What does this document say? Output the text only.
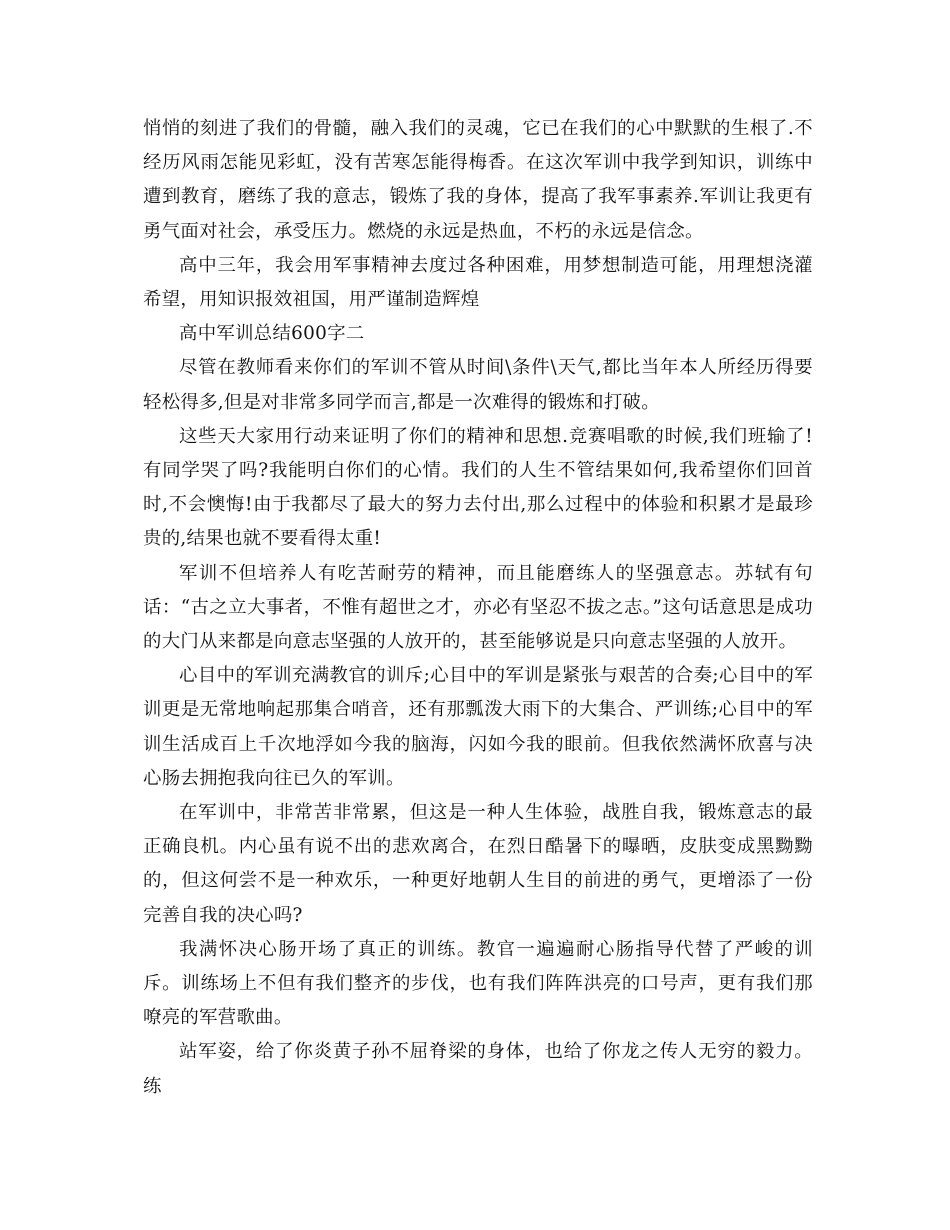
悄悄的刻进了我们的骨髓，融入我们的灵魂，它已在我们的心中默默的生根了.不经历风雨怎能见彩虹，没有苦寒怎能得梅香。在这次军训中我学到知识，训练中遭到教育，磨练了我的意志，锻炼了我的身体，提高了我军事素养.军训让我更有勇气面对社会，承受压力。燃烧的永远是热血，不朽的永远是信念。

高中三年，我会用军事精神去度过各种困难，用梦想制造可能，用理想浇灌希望，用知识报效祖国，用严谨制造辉煌

高中军训总结600字二

尽管在教师看来你们的军训不管从时间\条件\天气,都比当年本人所经历得要轻松得多,但是对非常多同学而言,都是一次难得的锻炼和打破。

这些天大家用行动来证明了你们的精神和思想.竞赛唱歌的时候,我们班输了!有同学哭了吗?我能明白你们的心情。我们的人生不管结果如何,我希望你们回首时,不会懊悔!由于我都尽了最大的努力去付出,那么过程中的体验和积累才是最珍贵的,结果也就不要看得太重!

军训不但培养人有吃苦耐劳的精神，而且能磨练人的坚强意志。苏轼有句话：“古之立大事者，不惟有超世之才，亦必有坚忍不拔之志。”这句话意思是成功的大门从来都是向意志坚强的人放开的，甚至能够说是只向意志坚强的人放开。

心目中的军训充满教官的训斥;心目中的军训是紧张与艰苦的合奏;心目中的军训更是无常地响起那集合哨音，还有那瓢泼大雨下的大集合、严训练;心目中的军训生活成百上千次地浮如今我的脑海，闪如今我的眼前。但我依然满怀欣喜与决心肠去拥抱我向往已久的军训。

在军训中，非常苦非常累，但这是一种人生体验，战胜自我，锻炼意志的最正确良机。内心虽有说不出的悲欢离合，在烈日酷暑下的曝晒，皮肤变成黑黝黝的，但这何尝不是一种欢乐，一种更好地朝人生目的前进的勇气，更增添了一份完善自我的决心吗?

我满怀决心肠开场了真正的训练。教官一遍遍耐心肠指导代替了严峻的训斥。训练场上不但有我们整齐的步伐，也有我们阵阵洪亮的口号声，更有我们那嘹亮的军营歌曲。

站军姿，给了你炎黄子孙不屈脊梁的身体，也给了你龙之传人无穷的毅力。练
